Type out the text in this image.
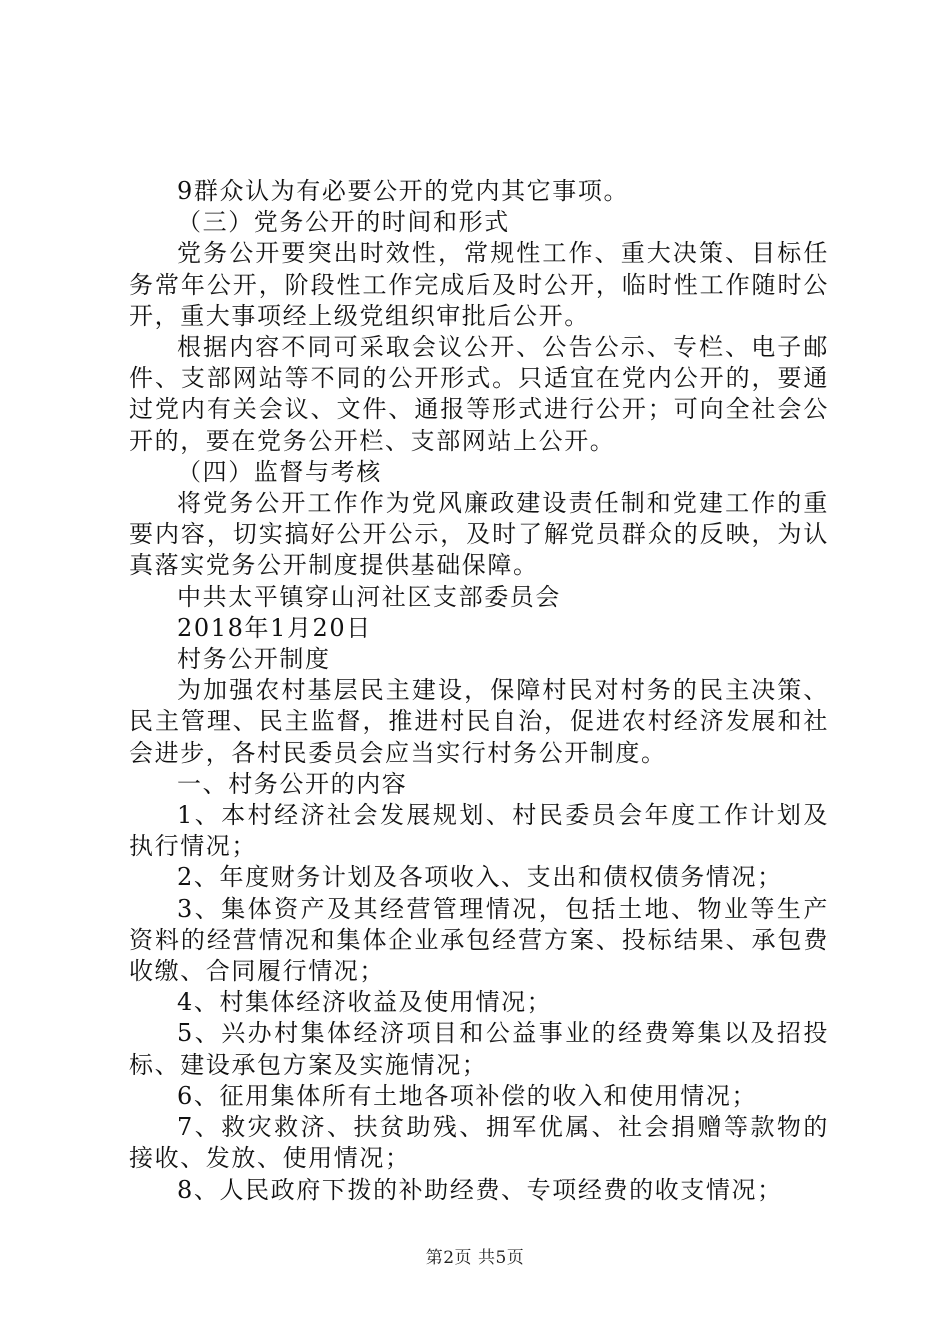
9群众认为有必要公开的党内其它事项。

（三）党务公开的时间和形式

党务公开要突出时效性，常规性工作、重大决策、目标任务常年公开，阶段性工作完成后及时公开，临时性工作随时公开，重大事项经上级党组织审批后公开。

根据内容不同可采取会议公开、公告公示、专栏、电子邮件、支部网站等不同的公开形式。只适宜在党内公开的，要通过党内有关会议、文件、通报等形式进行公开；可向全社会公开的，要在党务公开栏、支部网站上公开。

（四）监督与考核

将党务公开工作作为党风廉政建设责任制和党建工作的重要内容，切实搞好公开公示，及时了解党员群众的反映，为认真落实党务公开制度提供基础保障。

中共太平镇穿山河社区支部委员会

2018年1月20日

村务公开制度

为加强农村基层民主建设，保障村民对村务的民主决策、民主管理、民主监督，推进村民自治，促进农村经济发展和社会进步，各村民委员会应当实行村务公开制度。

一、村务公开的内容

1、本村经济社会发展规划、村民委员会年度工作计划及执行情况；

2、年度财务计划及各项收入、支出和债权债务情况；

3、集体资产及其经营管理情况，包括土地、物业等生产资料的经营情况和集体企业承包经营方案、投标结果、承包费收缴、合同履行情况；

4、村集体经济收益及使用情况；

5、兴办村集体经济项目和公益事业的经费筹集以及招投标、建设承包方案及实施情况；

6、征用集体所有土地各项补偿的收入和使用情况；

7、救灾救济、扶贫助残、拥军优属、社会捐赠等款物的接收、发放、使用情况；

8、人民政府下拨的补助经费、专项经费的收支情况；

第2页 共5页
